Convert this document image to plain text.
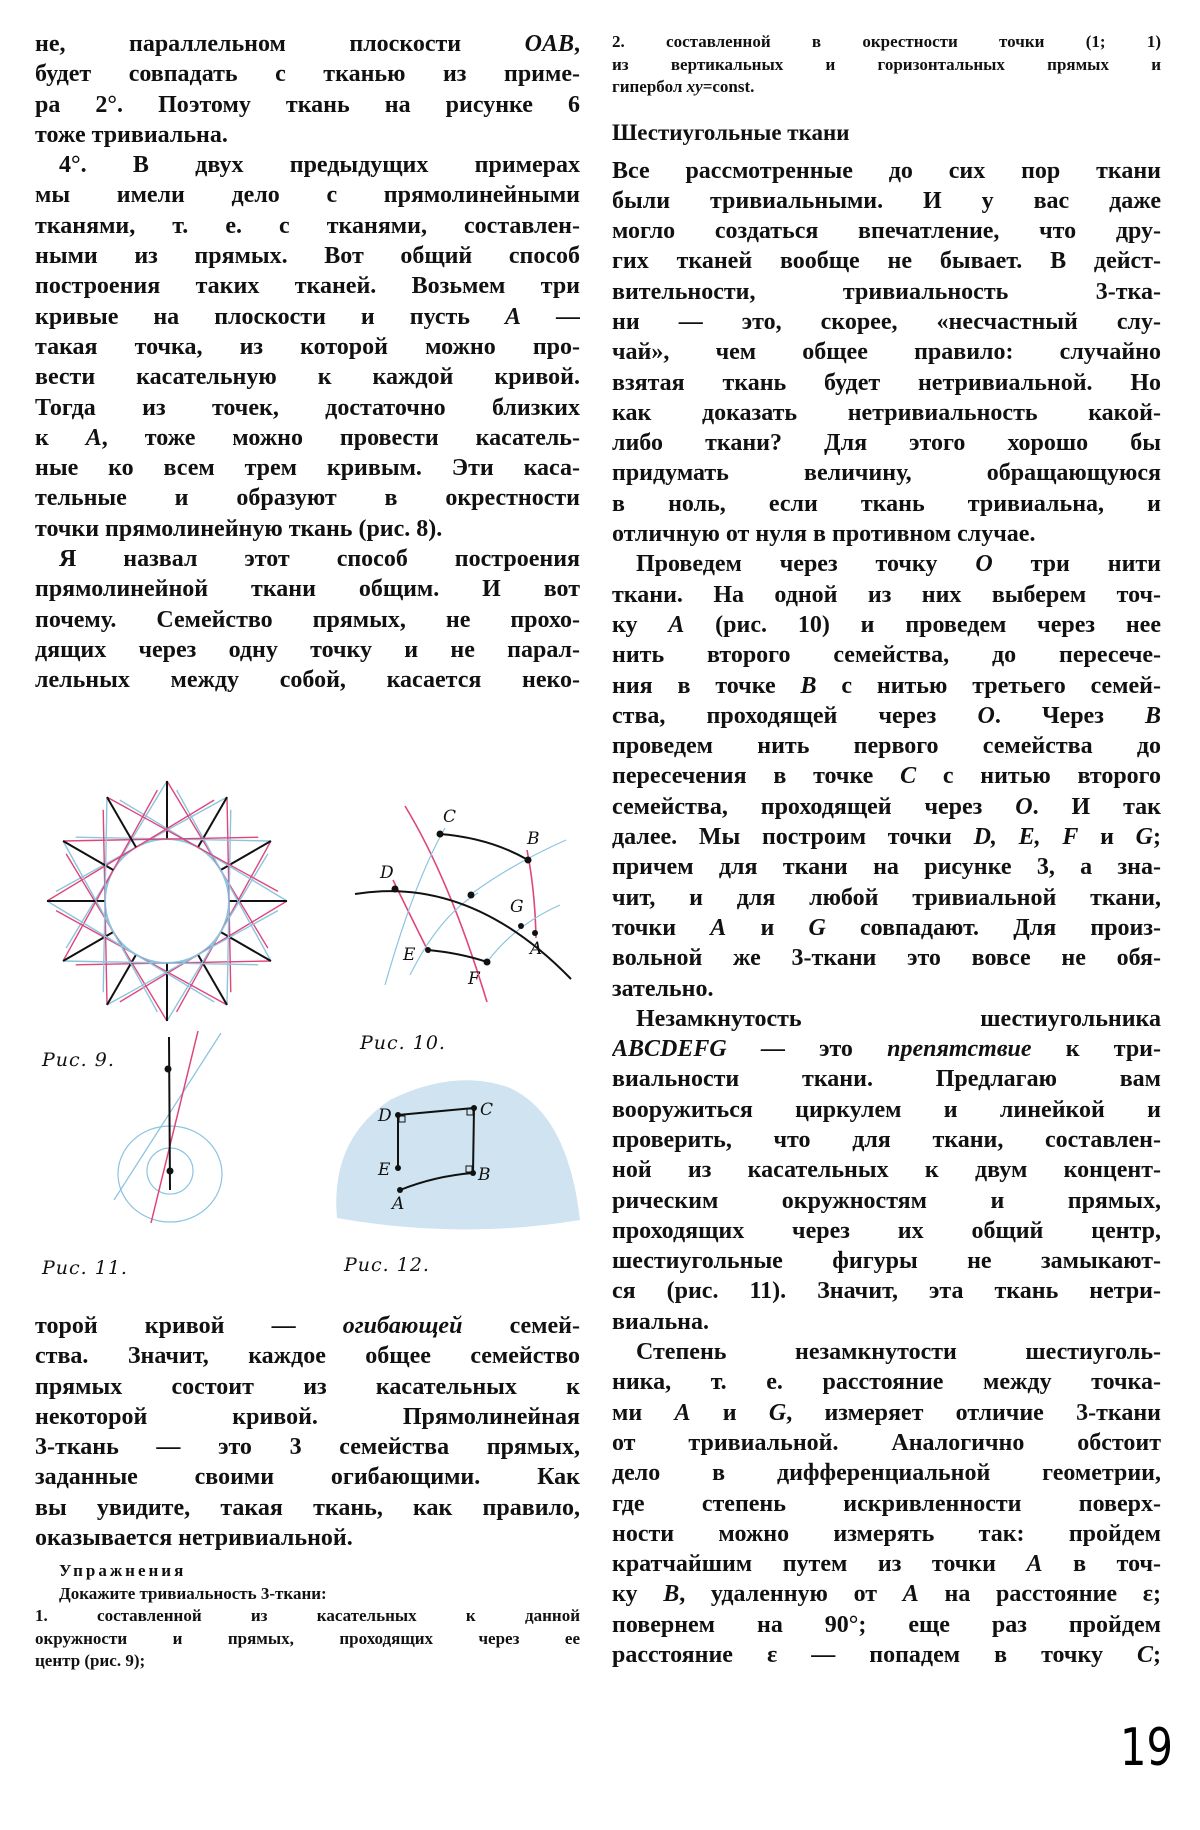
не, параллельном плоскости OAB,
будет совпадать с тканью из приме-
ра 2°. Поэтому ткань на рисунке 6
тоже тривиальна.
4°. В двух предыдущих примерах
мы имели дело с прямолинейными
тканями, т. е. с тканями, составлен-
ными из прямых. Вот общий способ
построения таких тканей. Возьмем три
кривые на плоскости и пусть A —
такая точка, из которой можно про-
вести касательную к каждой кривой.
Тогда из точек, достаточно близких
к A, тоже можно провести касатель-
ные ко всем трем кривым. Эти каса-
тельные и образуют в окрестности
точки прямолинейную ткань (рис. 8).
Я назвал этот способ построения
прямолинейной ткани общим. И вот
почему. Семейство прямых, не прохо-
дящих через одну точку и не парал-
лельных между собой, касается неко-
Рис. 9.
Рис. 10.
Рис. 11.	Рис. 12.
C
B
D
G
A
E
F
D	C
E	B
A
торой кривой — огибающей семей-
ства. Значит, каждое общее семейство
прямых состоит из касательных к
некоторой кривой. Прямолинейная
3-ткань — это 3 семейства прямых,
заданные своими огибающими. Как
вы увидите, такая ткань, как правило,
оказывается нетривиальной.
Упражнения
Докажите тривиальность 3-ткани:
1. составленной из касательных к данной
окружности и прямых, проходящих через ее
центр (рис. 9);
2. составленной в окрестности точки (1; 1)
из вертикальных и горизонтальных прямых и
гипербол xy=const.
Шестиугольные ткани
Все рассмотренные до сих пор ткани
были тривиальными. И у вас даже
могло создаться впечатление, что дру-
гих тканей вообще не бывает. В дейст-
вительности, тривиальность 3-тка-
ни — это, скорее, «несчастный слу-
чай», чем общее правило: случайно
взятая ткань будет нетривиальной. Но
как доказать нетривиальность какой-
либо ткани? Для этого хорошо бы
придумать величину, обращающуюся
в ноль, если ткань тривиальна, и
отличную от нуля в противном случае.
Проведем через точку O три нити
ткани. На одной из них выберем точ-
ку A (рис. 10) и проведем через нее
нить второго семейства, до пересече-
ния в точке B с нитью третьего семей-
ства, проходящей через O. Через B
проведем нить первого семейства до
пересечения в точке C с нитью второго
семейства, проходящей через O. И так
далее. Мы построим точки D, E, F и G;
причем для ткани на рисунке 3, а зна-
чит, и для любой тривиальной ткани,
точки A и G совпадают. Для произ-
вольной же 3-ткани это вовсе не обя-
зательно.
Незамкнутость шестиугольника
ABCDEFG — это препятствие к три-
виальности ткани. Предлагаю вам
вооружиться циркулем и линейкой и
проверить, что для ткани, составлен-
ной из касательных к двум концент-
рическим окружностям и прямых,
проходящих через их общий центр,
шестиугольные фигуры не замыкают-
ся (рис. 11). Значит, эта ткань нетри-
виальна.
Степень незамкнутости шестиуголь-
ника, т. е. расстояние между точка-
ми A и G, измеряет отличие 3-ткани
от тривиальной. Аналогично обстоит
дело в дифференциальной геометрии,
где степень искривленности поверх-
ности можно измерять так: пройдем
кратчайшим путем из точки A в точ-
ку B, удаленную от A на расстояние ε;
повернем на 90°; еще раз пройдем
расстояние ε — попадем в точку C;
19
